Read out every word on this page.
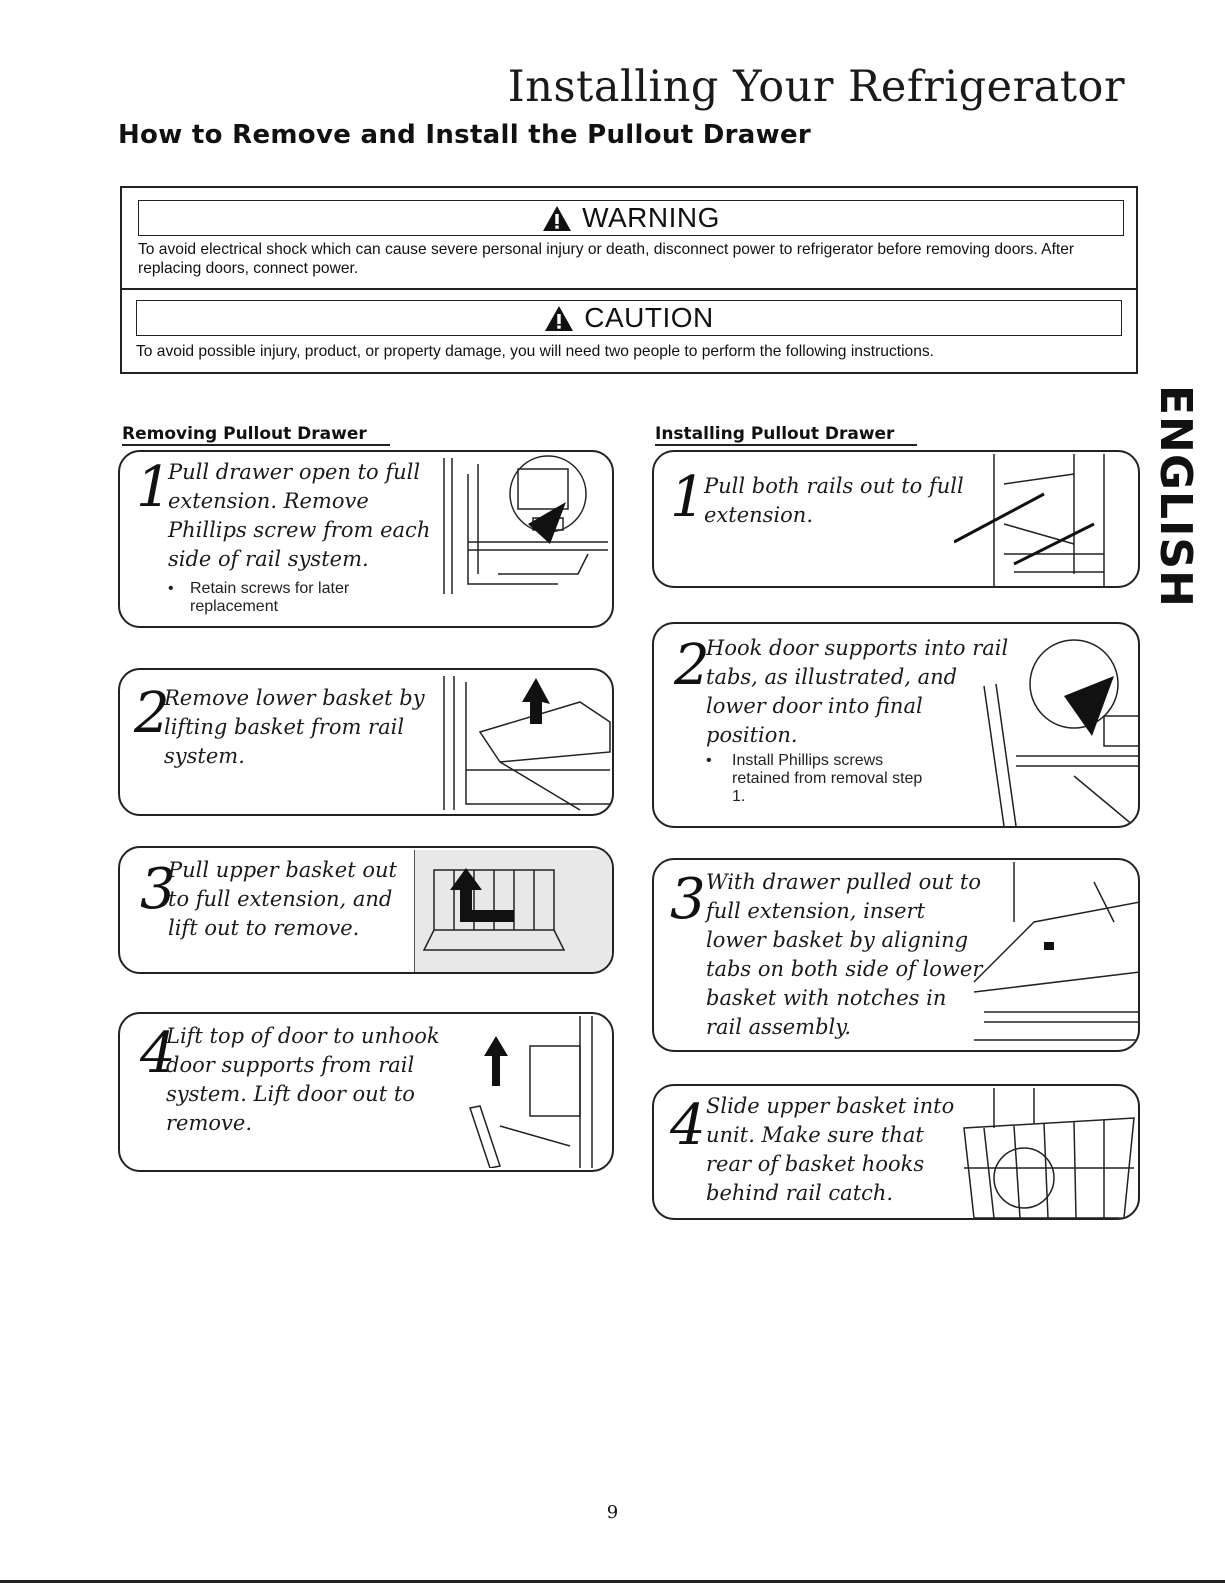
Installing Your Refrigerator
How to Remove and Install the Pullout Drawer
WARNING
To avoid electrical shock which can cause severe personal injury or death, disconnect power to refrigerator before removing doors. After replacing doors, connect power.
CAUTION
To avoid possible injury, product, or property damage, you will need two people to perform the following instructions.
Removing Pullout Drawer	Installing Pullout Drawer
1
Pull drawer open to full extension. Remove Phillips screw from each side of rail system.
• Retain screws for later replacement
2
Remove lower basket by lifting basket from rail system.
3
Pull upper basket out to full extension, and lift out to remove.
4
Lift top of door to unhook door supports from rail system. Lift door out to remove.
1
Pull both rails out to full extension.
2
Hook door supports into rail tabs, as illustrated, and lower door into final position.
• Install Phillips screws retained from removal step 1.
3 With drawer pulled out to full extension, insert lower basket by aligning tabs on both side of lower basket with notches in rail assembly.
4 Slide upper basket into unit. Make sure that rear of basket hooks behind rail catch.
ENGLISH
9
